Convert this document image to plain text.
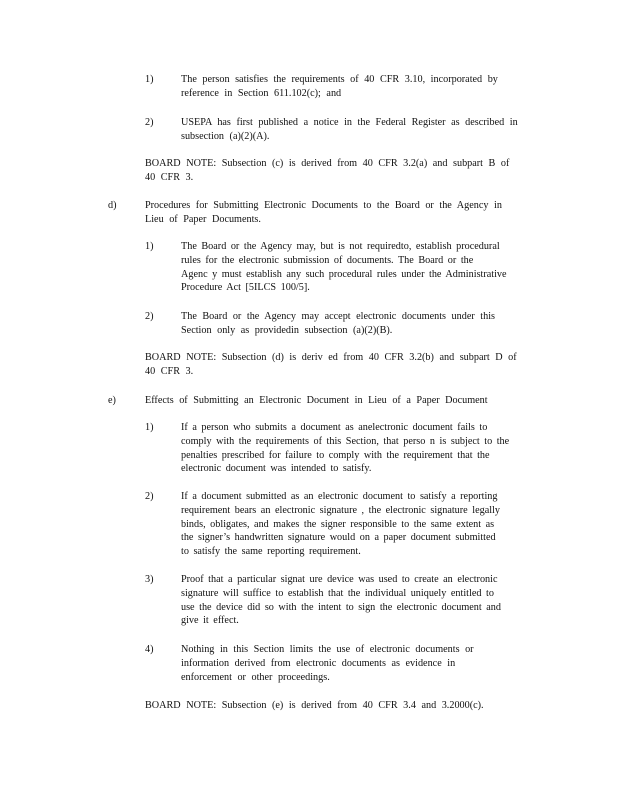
1)	The person satisfies the requirements of 40 CFR 3.10, incorporated by
reference in Section 611.102(c); and
2)	USEPA has first published a notice in the Federal Register as described in
subsection (a)(2)(A).
BOARD NOTE: Subsection (c) is derived from 40 CFR 3.2(a) and subpart B of
40 CFR 3.
d)	Procedures for Submitting Electronic Documents to the Board or the Agency in
Lieu of Paper Documents.
1)	The Board or the Agency may, but is not requiredto, establish procedural
rules for the electronic submission of documents. The Board or the
Agenc y must establish any such procedural rules under the Administrative
Procedure Act [5ILCS 100/5].
2)	The Board or the Agency may accept electronic documents under this
Section only as providedin subsection (a)(2)(B).
BOARD NOTE: Subsection (d) is deriv ed from 40 CFR 3.2(b) and subpart D of
40 CFR 3.
e)	Effects of Submitting an Electronic Document in Lieu of a Paper Document
1)	If a person who submits a document as anelectronic document fails to
comply with the requirements of this Section, that perso n is subject to the
penalties prescribed for failure to comply with the requirement that the
electronic document was intended to satisfy.
2)	If a document submitted as an electronic document to satisfy a reporting
requirement bears an electronic signature , the electronic signature legally
binds, obligates, and makes the signer responsible to the same extent as
the signer’s handwritten signature would on a paper document submitted
to satisfy the same reporting requirement.
3)	Proof that a particular signat ure device was used to create an electronic
signature will suffice to establish that the individual uniquely entitled to
use the device did so with the intent to sign the electronic document and
give it effect.
4)	Nothing in this Section limits the use of electronic documents or
information derived from electronic documents as evidence in
enforcement or other proceedings.
BOARD NOTE: Subsection (e) is derived from 40 CFR 3.4 and 3.2000(c).
